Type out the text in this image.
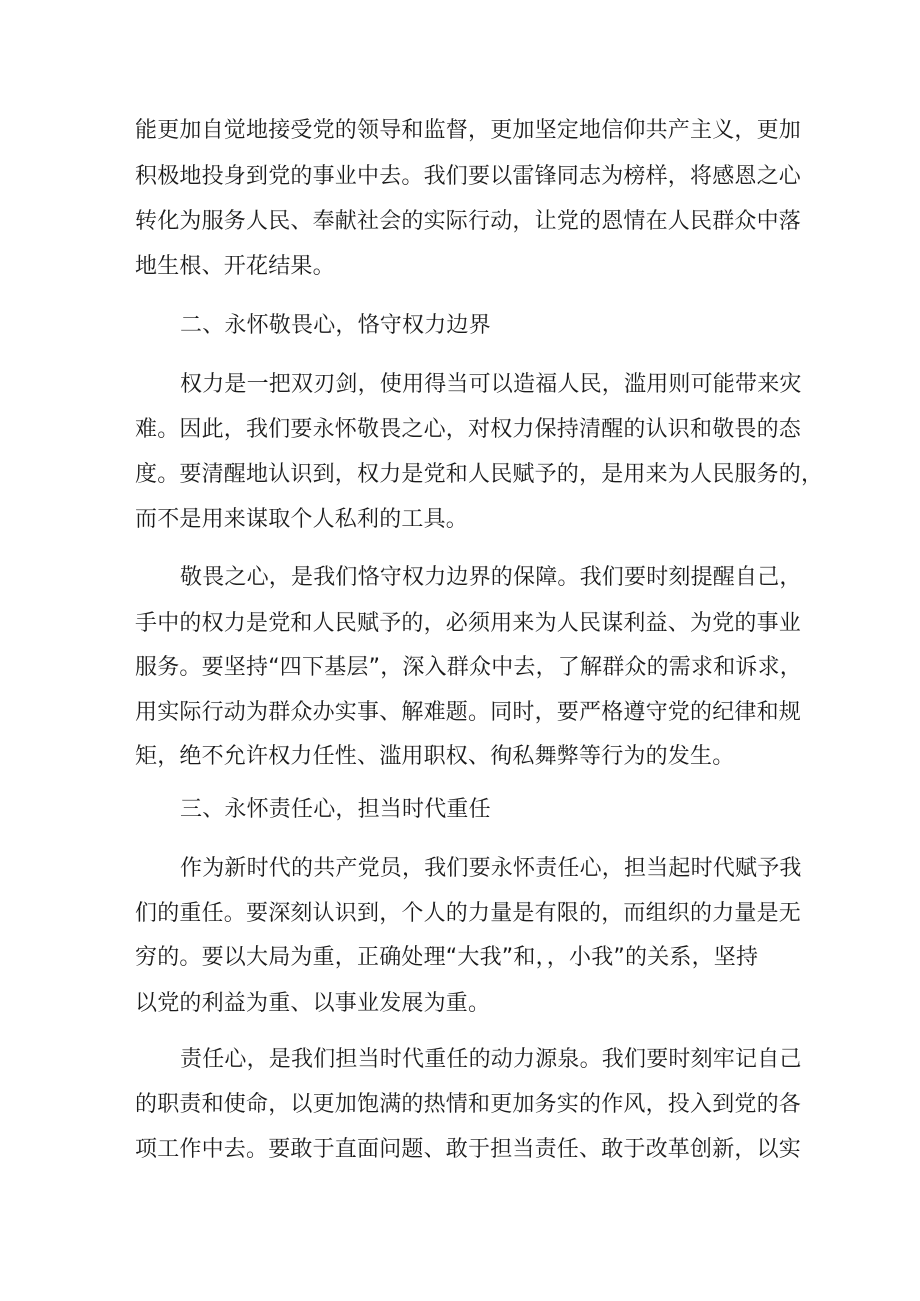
能更加自觉地接受党的领导和监督，更加坚定地信仰共产主义，更加
积极地投身到党的事业中去。我们要以雷锋同志为榜样，将感恩之心
转化为服务人民、奉献社会的实际行动，让党的恩情在人民群众中落
地生根、开花结果。
二、永怀敬畏心，恪守权力边界
权力是一把双刃剑，使用得当可以造福人民，滥用则可能带来灾
难。因此，我们要永怀敬畏之心，对权力保持清醒的认识和敬畏的态
度。要清醒地认识到，权力是党和人民赋予的，是用来为人民服务的，
而不是用来谋取个人私利的工具。
敬畏之心，是我们恪守权力边界的保障。我们要时刻提醒自己，
手中的权力是党和人民赋予的，必须用来为人民谋利益、为党的事业
服务。要坚持“四下基层”，深入群众中去，了解群众的需求和诉求，
用实际行动为群众办实事、解难题。同时，要严格遵守党的纪律和规
矩，绝不允许权力任性、滥用职权、徇私舞弊等行为的发生。
三、永怀责任心，担当时代重任
作为新时代的共产党员，我们要永怀责任心，担当起时代赋予我
们的重任。要深刻认识到，个人的力量是有限的，而组织的力量是无
穷的。要以大局为重，正确处理“大我”和，，小我”的关系，坚持
以党的利益为重、以事业发展为重。
责任心，是我们担当时代重任的动力源泉。我们要时刻牢记自己
的职责和使命，以更加饱满的热情和更加务实的作风，投入到党的各
项工作中去。要敢于直面问题、敢于担当责任、敢于改革创新，以实
